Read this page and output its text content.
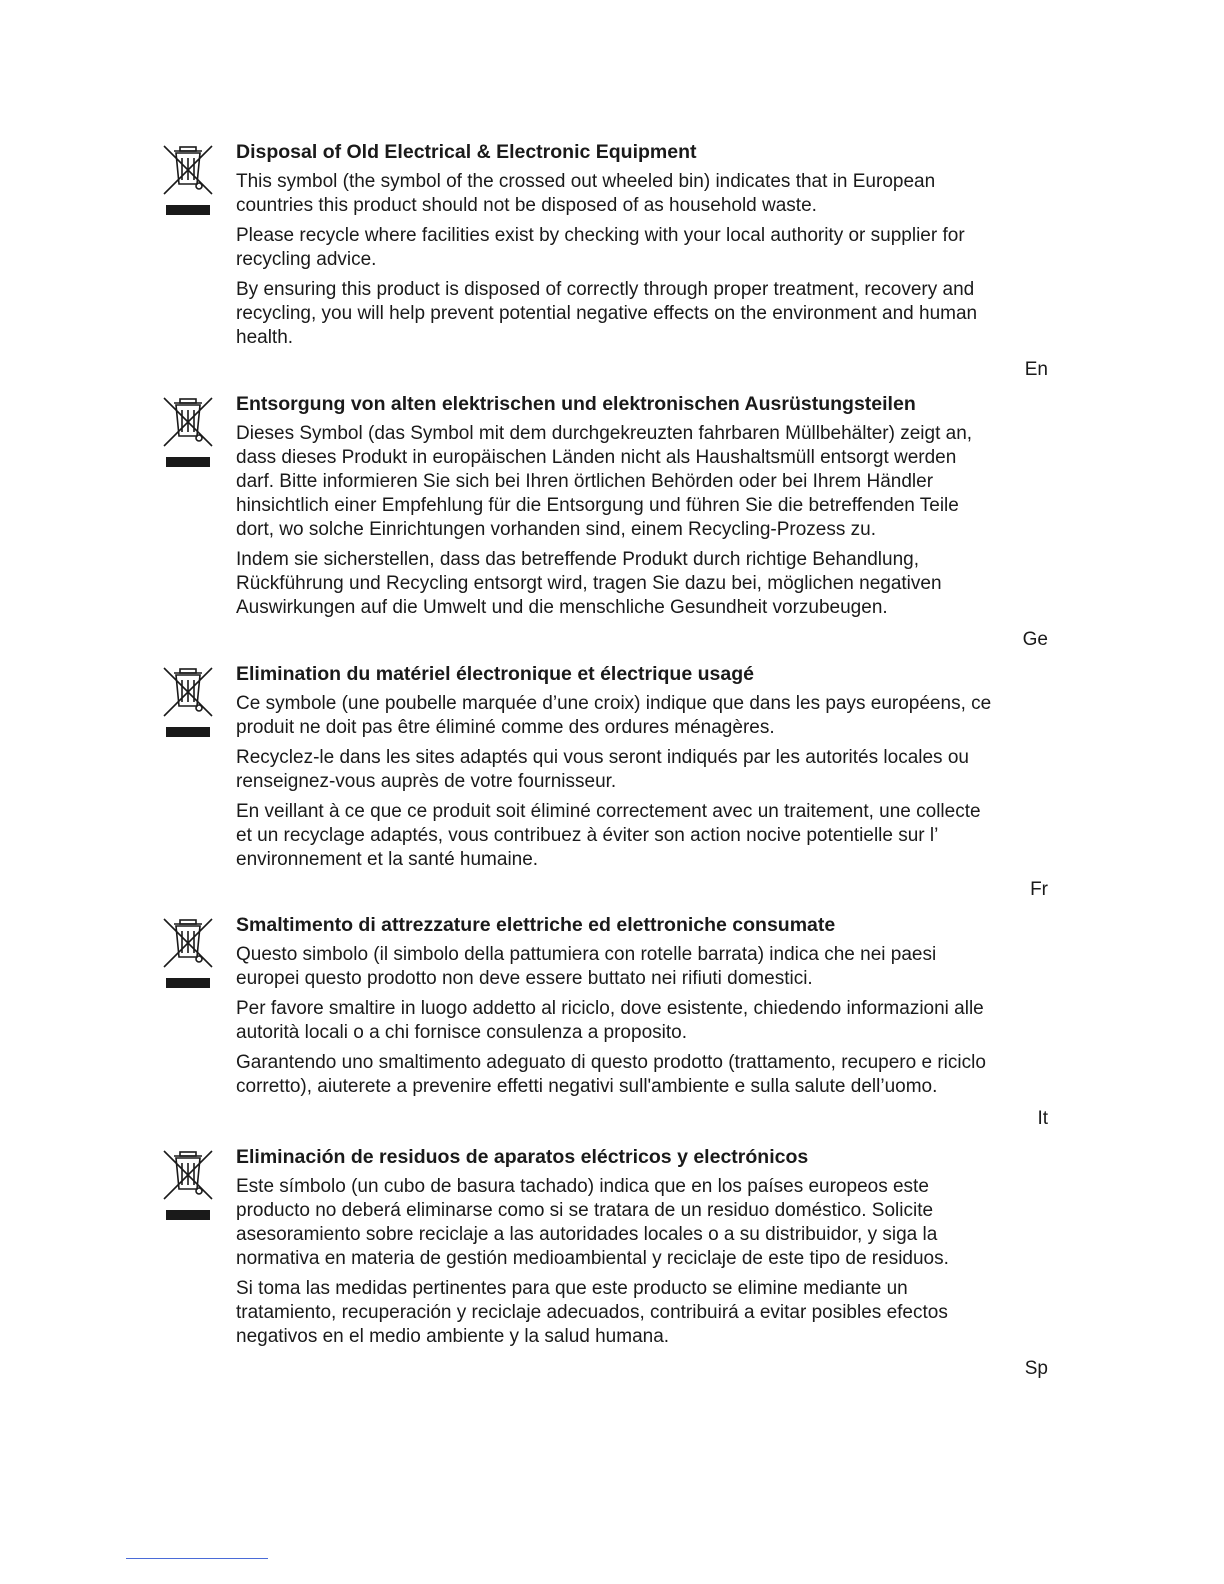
Disposal of Old Electrical & Electronic Equipment
This symbol (the symbol of the crossed out wheeled bin) indicates that in European
countries this product should not be disposed of as household waste.
Please recycle where facilities exist by checking with your local authority or supplier for
recycling advice.
By ensuring this product is disposed of correctly through proper treatment, recovery and
recycling, you will help prevent potential negative effects on the environment and human
health.
En
Entsorgung von alten elektrischen und elektronischen Ausrüstungsteilen
Dieses Symbol (das Symbol mit dem durchgekreuzten fahrbaren Müllbehälter) zeigt an,
dass dieses Produkt in europäischen Länden nicht als Haushaltsmüll entsorgt werden
darf. Bitte informieren Sie sich bei Ihren örtlichen Behörden oder bei Ihrem Händler
hinsichtlich einer Empfehlung für die Entsorgung und führen Sie die betreffenden Teile
dort, wo solche Einrichtungen vorhanden sind, einem Recycling-Prozess zu.
Indem sie sicherstellen, dass das betreffende Produkt durch richtige Behandlung,
Rückführung und Recycling entsorgt wird, tragen Sie dazu bei, möglichen negativen
Auswirkungen auf die Umwelt und die menschliche Gesundheit vorzubeugen.
Ge
Elimination du matériel électronique et électrique usagé
Ce symbole (une poubelle marquée d’une croix) indique que dans les pays européens, ce
produit ne doit pas être éliminé comme des ordures ménagères.
Recyclez-le dans les sites adaptés qui vous seront indiqués par les autorités locales ou
renseignez-vous auprès de votre fournisseur.
En veillant à ce que ce produit soit éliminé correctement avec un traitement, une collecte
et un recyclage adaptés, vous contribuez à éviter son action nocive potentielle sur l’
environnement et la santé humaine.
Fr
Smaltimento di attrezzature elettriche ed elettroniche consumate
Questo simbolo (il simbolo della pattumiera con rotelle barrata) indica che nei paesi
europei questo prodotto non deve essere buttato nei rifiuti domestici.
Per favore smaltire in luogo addetto al riciclo, dove esistente, chiedendo informazioni alle
autorità locali o a chi fornisce consulenza a proposito.
Garantendo uno smaltimento adeguato di questo prodotto (trattamento, recupero e riciclo
corretto), aiuterete a prevenire effetti negativi sull'ambiente e sulla salute dell’uomo.
It
Eliminación de residuos de aparatos eléctricos y electrónicos
Este símbolo (un cubo de basura tachado) indica que en los países europeos este
producto no deberá eliminarse como si se tratara de un residuo doméstico. Solicite
asesoramiento sobre reciclaje a las autoridades locales o a su distribuidor, y siga la
normativa en materia de gestión medioambiental y reciclaje de este tipo de residuos.
Si toma las medidas pertinentes para que este producto se elimine mediante un
tratamiento, recuperación y reciclaje adecuados, contribuirá a evitar posibles efectos
negativos en el medio ambiente y la salud humana.
Sp
